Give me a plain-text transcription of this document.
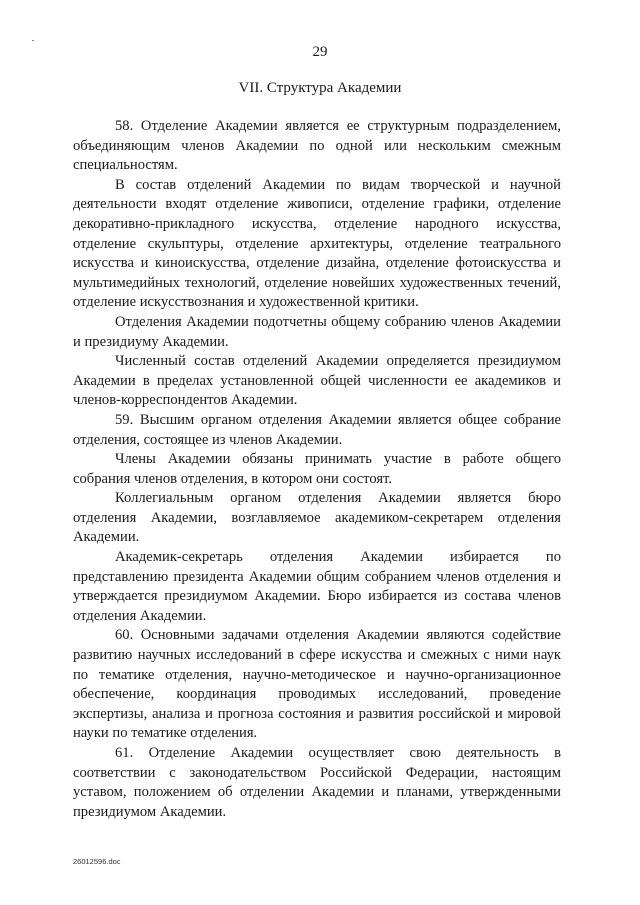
29
VII. Структура Академии

58. Отделение Академии является ее структурным подразделением, объединяющим членов Академии по одной или нескольким смежным специальностям.

В состав отделений Академии по видам творческой и научной деятельности входят отделение живописи, отделение графики, отделение декоративно-прикладного искусства, отделение народного искусства, отделение скульптуры, отделение архитектуры, отделение театрального искусства и киноискусства, отделение дизайна, отделение фотоискусства и мультимедийных технологий, отделение новейших художественных течений, отделение искусствознания и художественной критики.

Отделения Академии подотчетны общему собранию членов Академии и президиуму Академии.

Численный состав отделений Академии определяется президиумом Академии в пределах установленной общей численности ее академиков и членов-корреспондентов Академии.

59. Высшим органом отделения Академии является общее собрание отделения, состоящее из членов Академии.

Члены Академии обязаны принимать участие в работе общего собрания членов отделения, в котором они состоят.

Коллегиальным органом отделения Академии является бюро отделения Академии, возглавляемое академиком-секретарем отделения Академии.

Академик-секретарь отделения Академии избирается по представлению президента Академии общим собранием членов отделения и утверждается президиумом Академии. Бюро избирается из состава членов отделения Академии.

60. Основными задачами отделения Академии являются содействие развитию научных исследований в сфере искусства и смежных с ними наук по тематике отделения, научно-методическое и научно-организационное обеспечение, координация проводимых исследований, проведение экспертизы, анализа и прогноза состояния и развития российской и мировой науки по тематике отделения.

61. Отделение Академии осуществляет свою деятельность в соответствии с законодательством Российской Федерации, настоящим уставом, положением об отделении Академии и планами, утвержденными президиумом Академии.

26012596.doc
